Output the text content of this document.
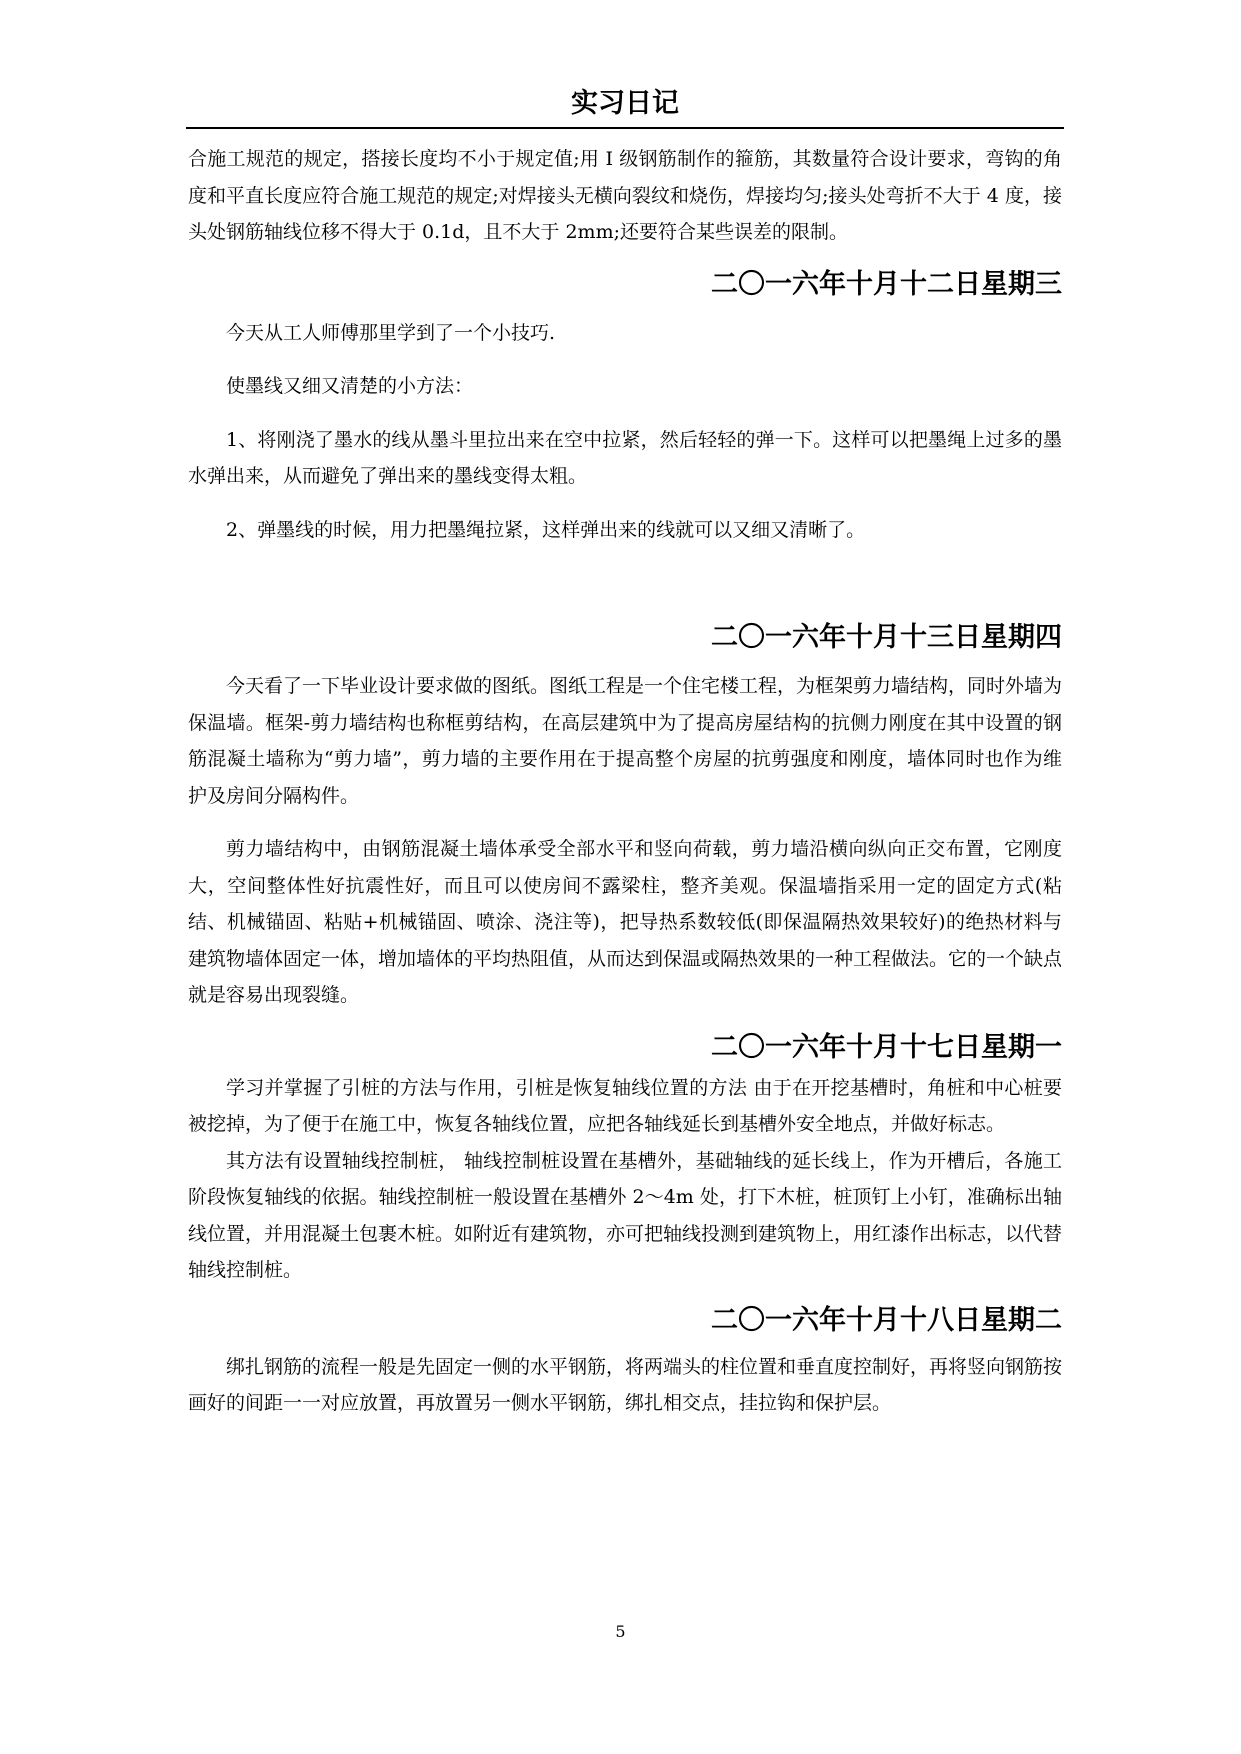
实习日记

合施工规范的规定，搭接长度均不小于规定值;用 I 级钢筋制作的箍筋，其数量符合设计要求，弯钩的角度和平直长度应符合施工规范的规定;对焊接头无横向裂纹和烧伤，焊接均匀;接头处弯折不大于 4 度，接头处钢筋轴线位移不得大于 0.1d，且不大于 2mm;还要符合某些误差的限制。

二〇一六年十月十二日星期三

今天从工人师傅那里学到了一个小技巧.

使墨线又细又清楚的小方法：

1、将刚浇了墨水的线从墨斗里拉出来在空中拉紧，然后轻轻的弹一下。这样可以把墨绳上过多的墨水弹出来，从而避免了弹出来的墨线变得太粗。

2、弹墨线的时候，用力把墨绳拉紧，这样弹出来的线就可以又细又清晰了。

二〇一六年十月十三日星期四

今天看了一下毕业设计要求做的图纸。图纸工程是一个住宅楼工程，为框架剪力墙结构，同时外墙为保温墙。框架-剪力墙结构也称框剪结构，在高层建筑中为了提高房屋结构的抗侧力刚度在其中设置的钢筋混凝土墙称为“剪力墙”，剪力墙的主要作用在于提高整个房屋的抗剪强度和刚度，墙体同时也作为维护及房间分隔构件。

剪力墙结构中，由钢筋混凝土墙体承受全部水平和竖向荷载，剪力墙沿横向纵向正交布置，它刚度大，空间整体性好抗震性好，而且可以使房间不露梁柱，整齐美观。保温墙指采用一定的固定方式(粘结、机械锚固、粘贴+机械锚固、喷涂、浇注等)，把导热系数较低(即保温隔热效果较好)的绝热材料与建筑物墙体固定一体，增加墙体的平均热阻值，从而达到保温或隔热效果的一种工程做法。它的一个缺点就是容易出现裂缝。

二〇一六年十月十七日星期一

学习并掌握了引桩的方法与作用，引桩是恢复轴线位置的方法 由于在开挖基槽时，角桩和中心桩要被挖掉，为了便于在施工中，恢复各轴线位置，应把各轴线延长到基槽外安全地点，并做好标志。

其方法有设置轴线控制桩， 轴线控制桩设置在基槽外，基础轴线的延长线上，作为开槽后，各施工阶段恢复轴线的依据。轴线控制桩一般设置在基槽外 2～4m 处，打下木桩，桩顶钉上小钉，准确标出轴线位置，并用混凝土包裹木桩。如附近有建筑物，亦可把轴线投测到建筑物上，用红漆作出标志，以代替轴线控制桩。

二〇一六年十月十八日星期二

绑扎钢筋的流程一般是先固定一侧的水平钢筋，将两端头的柱位置和垂直度控制好，再将竖向钢筋按画好的间距一一对应放置，再放置另一侧水平钢筋，绑扎相交点，挂拉钩和保护层。

5
